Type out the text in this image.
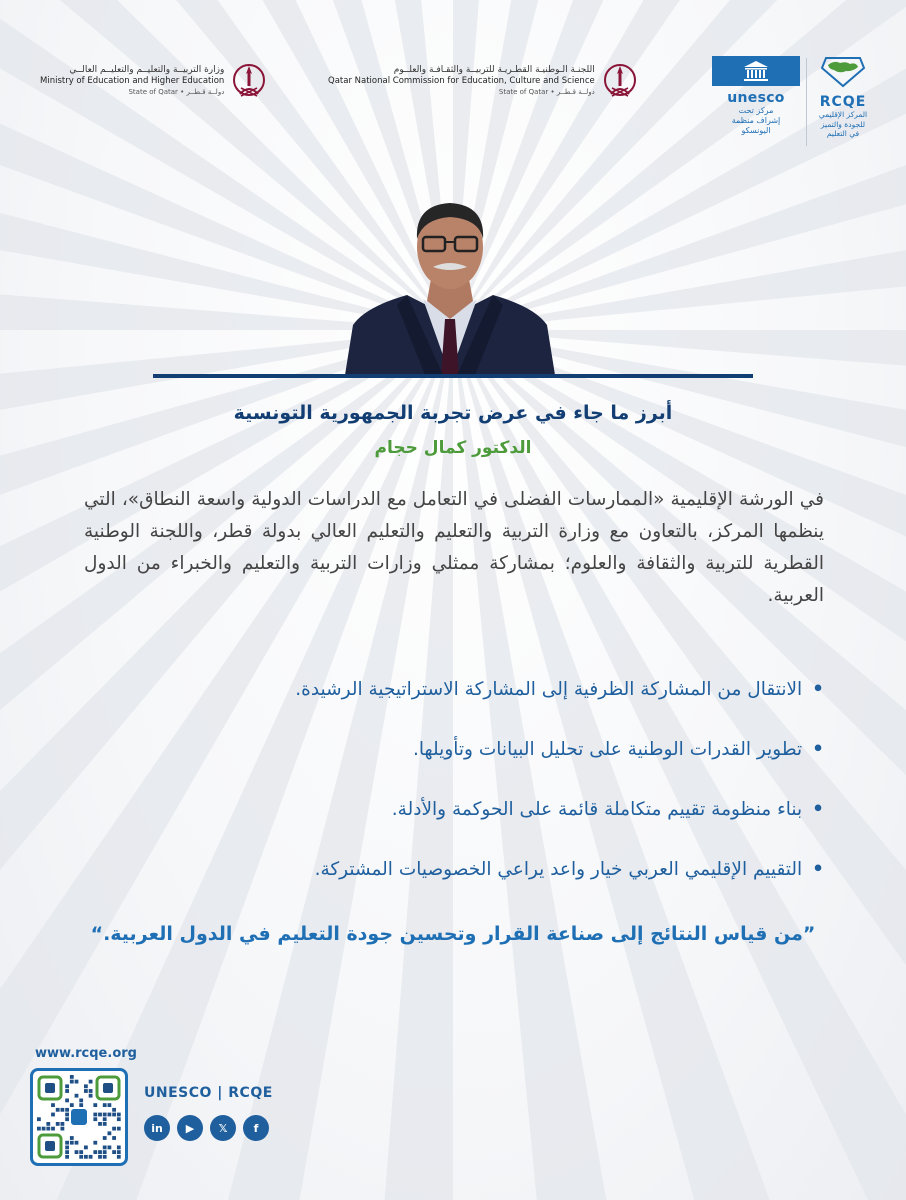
وزارة التربيــة والتعليــم والتعليــم العالــي
Ministry of Education and Higher Education
State of Qatar • دولــة قـطــر
اللجنـة الـوطنيـة القطـريـة للتربيــة والثقـافـة والعلــوم
Qatar National Commission for Education, Culture and Science
State of Qatar • دولــة قـطــر	unesco
مركز تحت
إشراف منظمة
اليونسكو
RCQE
المركز الإقليمي
للجودة والتميز
في التعليم
أبرز ما جاء في عرض تجربة الجمهورية التونسية
الدكتور كمال حجام

في الورشة الإقليمية «الممارسات الفضلى في التعامل مع الدراسات الدولية واسعة النطاق»، التي ينظمها المركز، بالتعاون مع وزارة التربية والتعليم والتعليم العالي بدولة قطر، واللجنة الوطنية القطرية للتربية والثقافة والعلوم؛ بمشاركة ممثلي وزارات التربية والتعليم والخبراء من الدول العربية.

•
الانتقال من المشاركة الظرفية إلى المشاركة الاستراتيجية الرشيدة.
•
تطوير القدرات الوطنية على تحليل البيانات وتأويلها.
•
بناء منظومة تقييم متكاملة قائمة على الحوكمة والأدلة.
•
التقييم الإقليمي العربي خيار واعد يراعي الخصوصيات المشتركة.
”من قياس النتائج إلى صناعة القرار وتحسين جودة التعليم في الدول العربية.“
www.rcqe.org
UNESCO | RCQE
in	▶	𝕏	f
